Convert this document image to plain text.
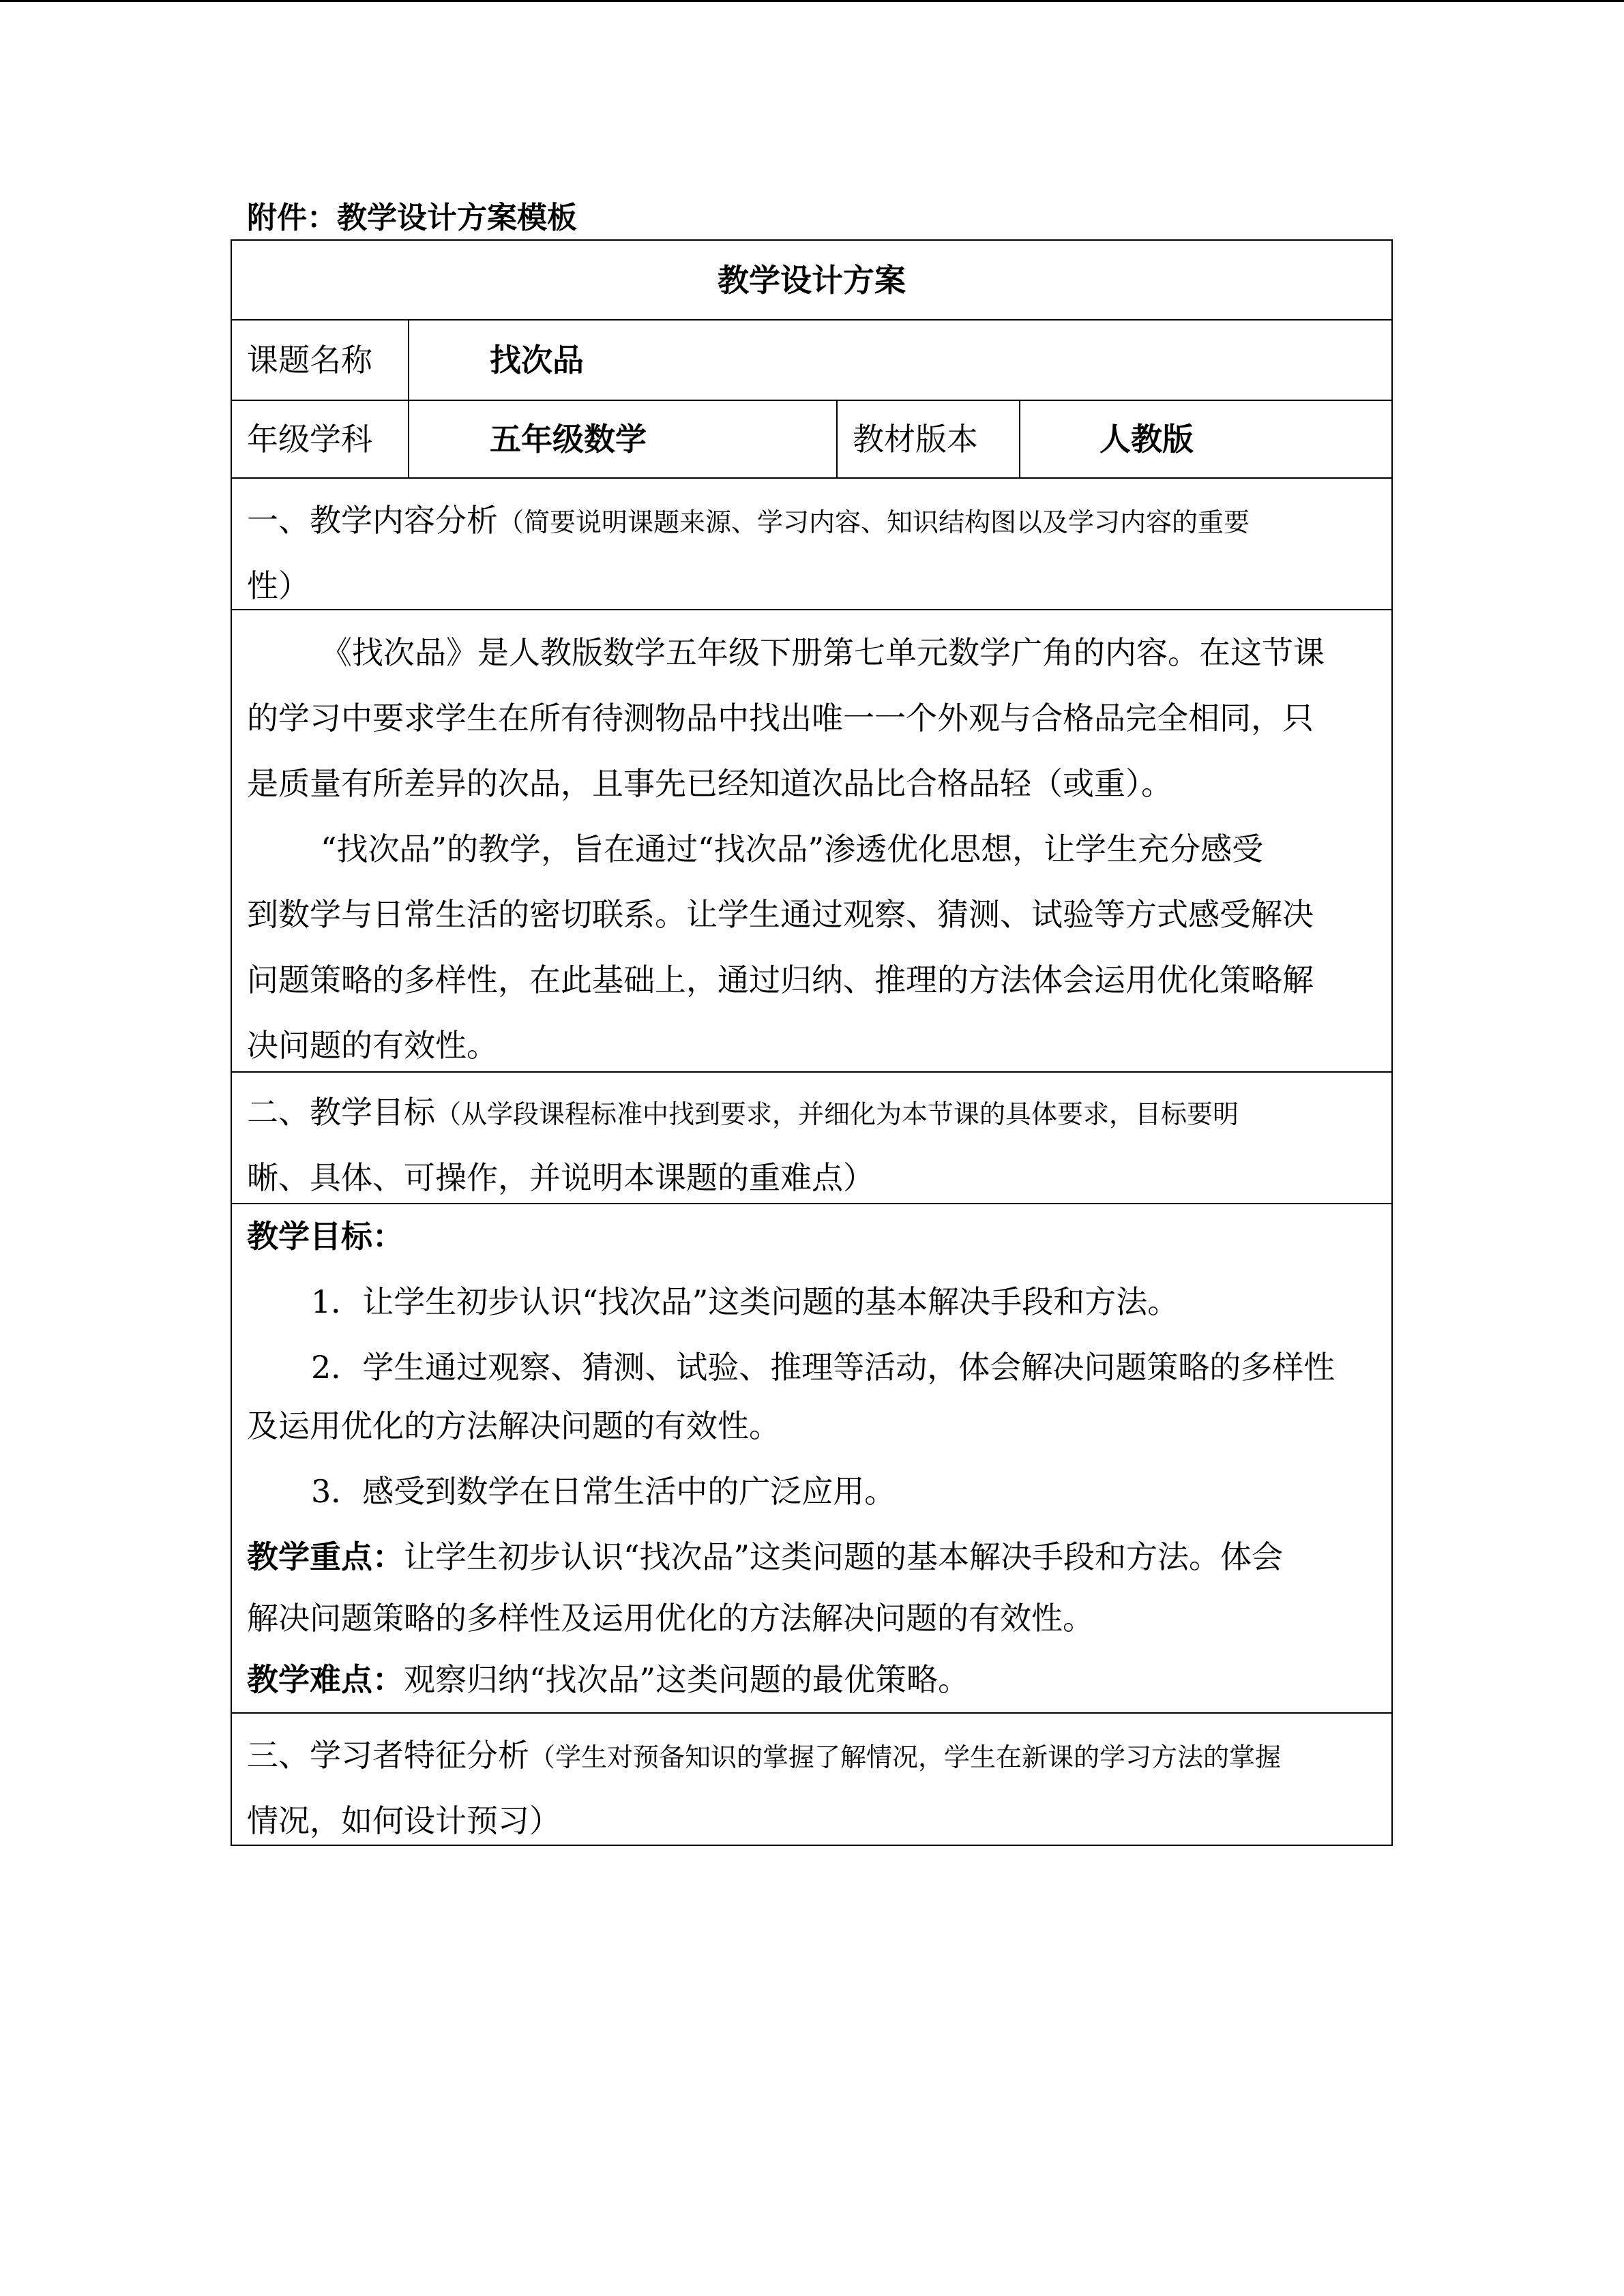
附件：教学设计方案模板
教学设计方案
课题名称	找次品
年级学科	五年级数学	教材版本	人教版
一、教学内容分析（简要说明课题来源、学习内容、知识结构图以及学习内容的重要
性）
《找次品》是人教版数学五年级下册第七单元数学广角的内容。在这节课
的学习中要求学生在所有待测物品中找出唯一一个外观与合格品完全相同，只
是质量有所差异的次品，且事先已经知道次品比合格品轻（或重）。
“找次品”的教学，旨在通过“找次品”渗透优化思想，让学生充分感受
到数学与日常生活的密切联系。让学生通过观察、猜测、试验等方式感受解决
问题策略的多样性，在此基础上，通过归纳、推理的方法体会运用优化策略解
决问题的有效性。
二、教学目标（从学段课程标准中找到要求，并细化为本节课的具体要求，目标要明
晰、具体、可操作，并说明本课题的重难点）
教学目标：
1．让学生初步认识“找次品”这类问题的基本解决手段和方法。
2．学生通过观察、猜测、试验、推理等活动，体会解决问题策略的多样性
及运用优化的方法解决问题的有效性。
3．感受到数学在日常生活中的广泛应用。
教学重点：让学生初步认识“找次品”这类问题的基本解决手段和方法。体会
解决问题策略的多样性及运用优化的方法解决问题的有效性。
教学难点：观察归纳“找次品”这类问题的最优策略。
三、学习者特征分析（学生对预备知识的掌握了解情况，学生在新课的学习方法的掌握
情况，如何设计预习）
